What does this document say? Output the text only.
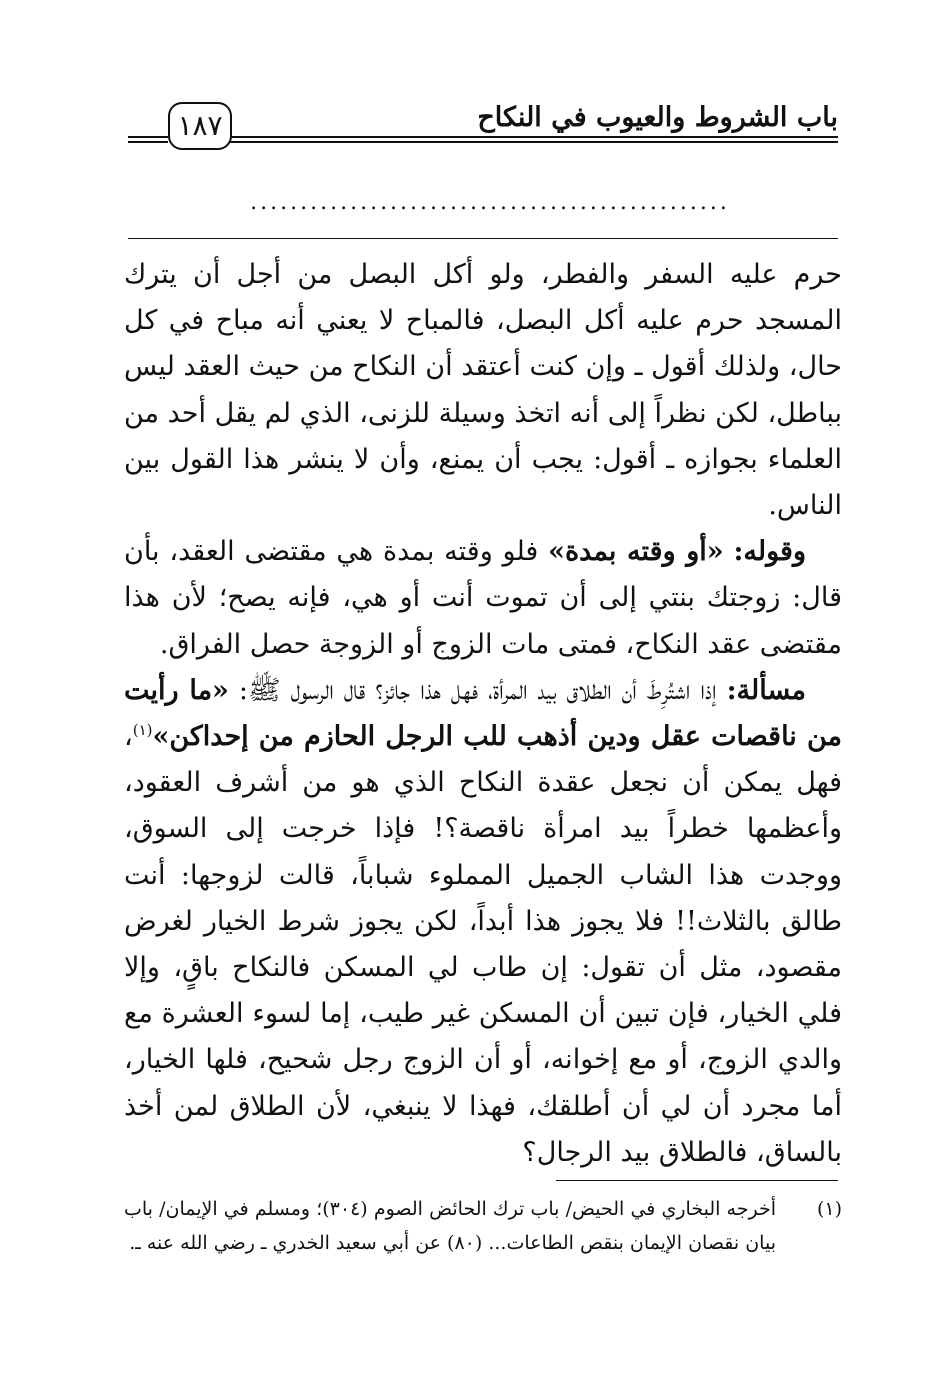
باب الشروط والعيوب في النكاح
١٨٧
................................................

حرم عليه السفر والفطر، ولو أكل البصل من أجل أن يترك المسجد حرم عليه أكل البصل، فالمباح لا يعني أنه مباح في كل حال، ولذلك أقول ـ وإن كنت أعتقد أن النكاح من حيث العقد ليس بباطل، لكن نظراً إلى أنه اتخذ وسيلة للزنى، الذي لم يقل أحد من العلماء بجوازه ـ أقول: يجب أن يمنع، وأن لا ينشر هذا القول بين الناس.

وقوله: «أو وقته بمدة» فلو وقته بمدة هي مقتضى العقد، بأن قال: زوجتك بنتي إلى أن تموت أنت أو هي، فإنه يصح؛ لأن هذا مقتضى عقد النكاح، فمتى مات الزوج أو الزوجة حصل الفراق.

مسألة: إذا اشتُرِطَ أن الطلاق بيد المرأة، فهل هذا جائز؟ قال الرسول ﷺ: «ما رأيت من ناقصات عقل ودين أذهب للب الرجل الحازم من إحداكن»$^{(١)}$، فهل يمكن أن نجعل عقدة النكاح الذي هو من أشرف العقود، وأعظمها خطراً بيد امرأة ناقصة؟! فإذا خرجت إلى السوق، ووجدت هذا الشاب الجميل المملوء شباباً، قالت لزوجها: أنت طالق بالثلاث!! فلا يجوز هذا أبداً، لكن يجوز شرط الخيار لغرض مقصود، مثل أن تقول: إن طاب لي المسكن فالنكاح باقٍ، وإلا فلي الخيار، فإن تبين أن المسكن غير طيب، إما لسوء العشرة مع والدي الزوج، أو مع إخوانه، أو أن الزوج رجل شحيح، فلها الخيار، أما مجرد أن لي أن أطلقك، فهذا لا ينبغي، لأن الطلاق لمن أخذ بالساق، فالطلاق بيد الرجال؟

(١)
أخرجه البخاري في الحيض/ باب ترك الحائض الصوم (٣٠٤)؛ ومسلم في الإيمان/ باب بيان نقصان الإيمان بنقص الطاعات... (٨٠) عن أبي سعيد الخدري ـ رضي الله عنه ـ.
